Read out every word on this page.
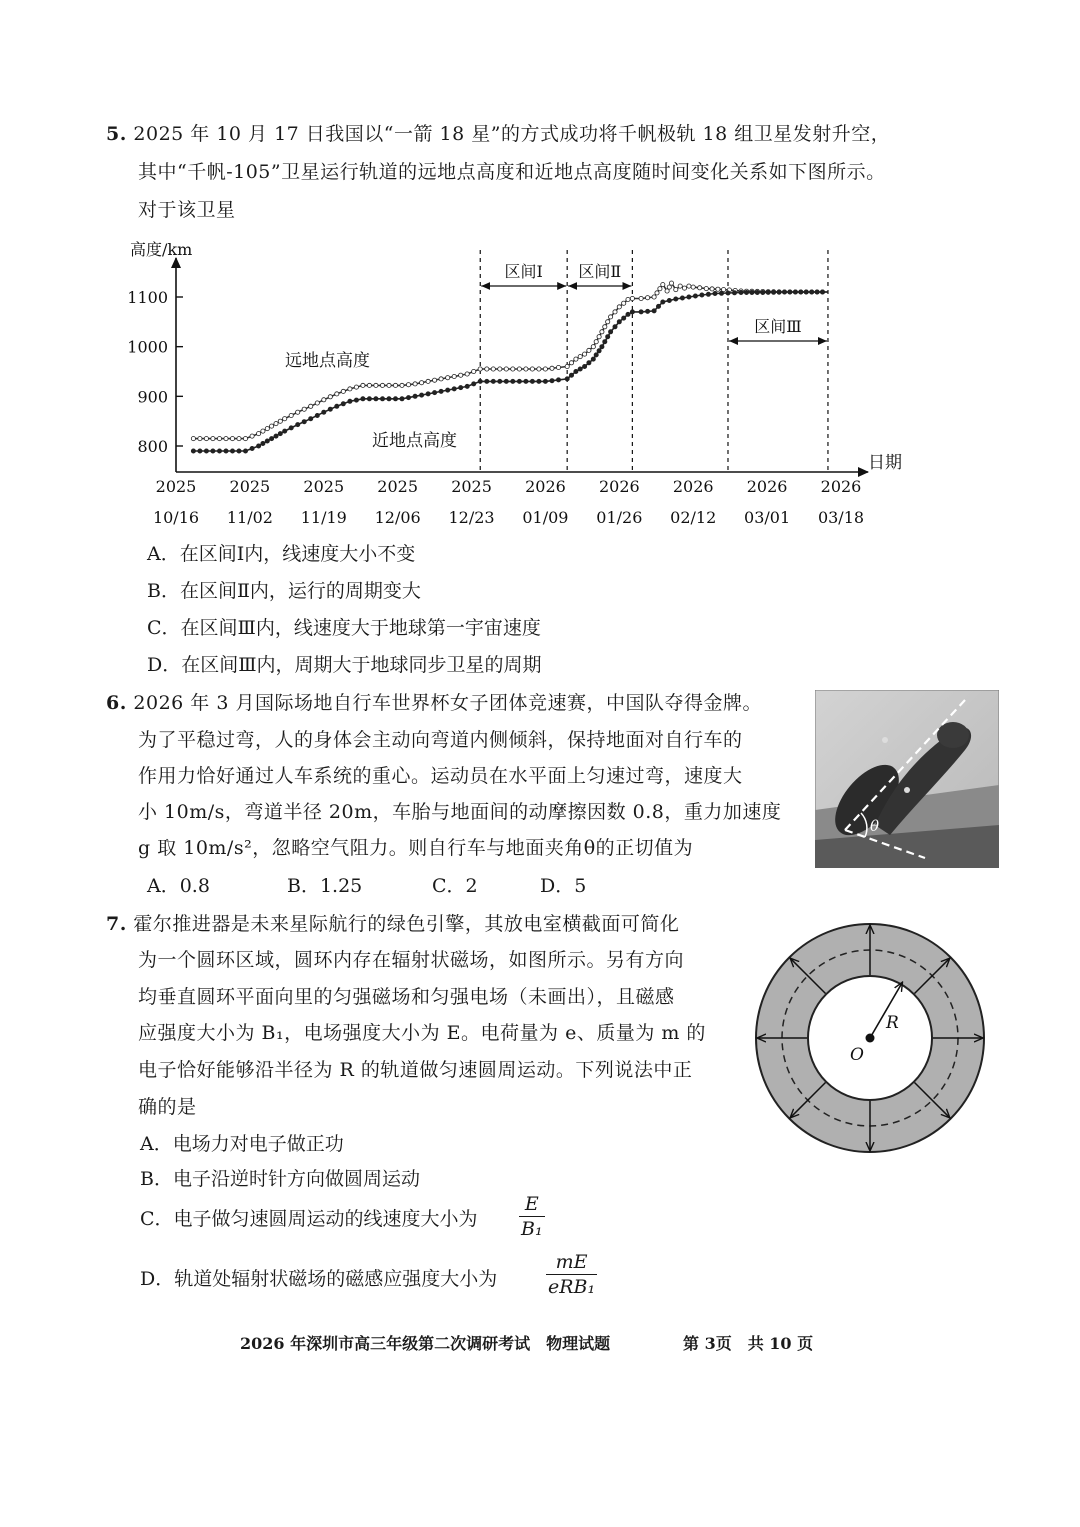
5. 2025 年 10 月 17 日我国以“一箭 18 星”的方式成功将千帆极轨 18 组卫星发射升空，
其中“千帆-105”卫星运行轨道的远地点高度和近地点高度随时间变化关系如下图所示。
对于该卫星
高度/km
日期
800
900
1000
1100
2025
10/16
2025
11/02
2025
11/19
2025
12/06
2025
12/23
2026
01/09
2026
01/26
2026
02/12
2026
03/01
2026
03/18
区间Ⅰ 区间Ⅱ
区间Ⅲ
远地点高度
近地点高度
A．在区间Ⅰ内，线速度大小不变
B．在区间Ⅱ内，运行的周期变大
C．在区间Ⅲ内，线速度大于地球第一宇宙速度
D．在区间Ⅲ内，周期大于地球同步卫星的周期
6. 2026 年 3 月国际场地自行车世界杯女子团体竞速赛，中国队夺得金牌。
为了平稳过弯，人的身体会主动向弯道内侧倾斜，保持地面对自行车的
作用力恰好通过人车系统的重心。运动员在水平面上匀速过弯，速度大
小 10m/s，弯道半径 20m，车胎与地面间的动摩擦因数 0.8，重力加速度
g 取 10m/s²，忽略空气阻力。则自行车与地面夹角θ的正切值为
A．0.8	B．1.25	C．2	D．5
θ
7. 霍尔推进器是未来星际航行的绿色引擎，其放电室横截面可简化
为一个圆环区域，圆环内存在辐射状磁场，如图所示。另有方向
均垂直圆环平面向里的匀强磁场和匀强电场（未画出），且磁感
应强度大小为 B₁，电场强度大小为 E。电荷量为 e、质量为 m 的
电子恰好能够沿半径为 R 的轨道做匀速圆周运动。下列说法中正
确的是
A．电场力对电子做正功
B．电子沿逆时针方向做圆周运动
C．电子做匀速圆周运动的线速度大小为
E
B₁
D．轨道处辐射状磁场的磁感应强度大小为
mE
eRB₁
R
O
2026 年深圳市高三年级第二次调研考试　物理试题	第 3页　共 10 页
